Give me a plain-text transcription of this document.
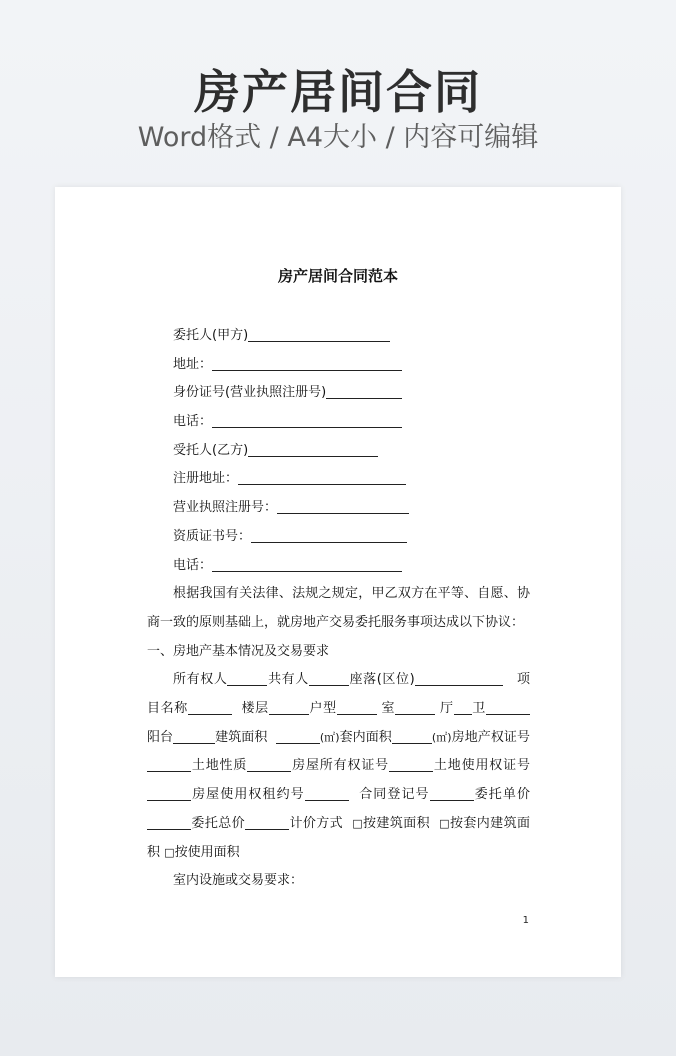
房产居间合同
Word格式 / A4大小 / 内容可编辑
房产居间合同范本
委托人(甲方)
地址：
身份证号(营业执照注册号)
电话：
受托人(乙方)
注册地址：
营业执照注册号：
资质证书号：
电话：
根据我国有关法律、法规之规定，甲乙双方在平等、自愿、协商一致的原则基础上，就房地产交易委托服务事项达成以下协议：
一、房地产基本情况及交易要求
所有权人	共有人	座落(区位)	项目名称	楼层	户型	室	厅 卫 阳台	建筑面积	(㎡)套内面积	(㎡)房地产权证号土地性质	房屋所有权证号	土地使用权证号房屋使用权租约号	合同登记号	委托单价委托总价	计价方式 □按建筑面积 □按套内建筑面积 □按使用面积
室内设施或交易要求：
1
